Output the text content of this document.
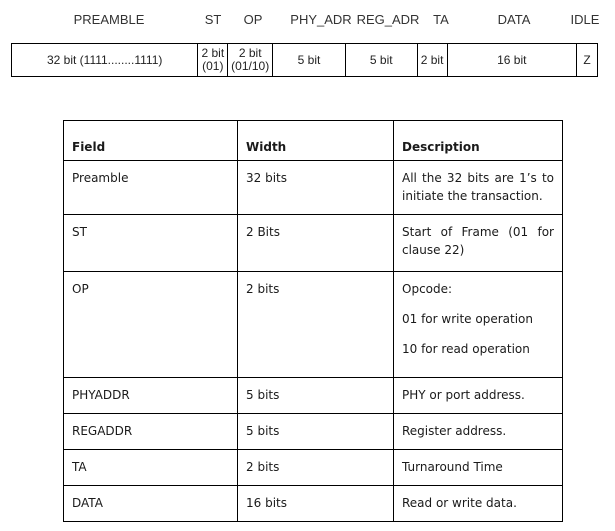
PREAMBLE	ST OP PHY_ADR REG_ADR TA	DATA	IDLE
32 bit (1111........1111)	2 bit
(01)
2 bit
(01/10)	5 bit	5 bit	2 bit	16 bit	Z
Field	Width	Description
Preamble	32 bits	All the 32 bits are 1’s to initiate the transaction.

ST	2 Bits	Start of Frame (01 for clause 22)

OP	2 bits	Opcode:
01 for write operation
10 for read operation

PHYADDR	5 bits	PHY or port address.

REGADDR	5 bits	Register address.

TA	2 bits	Turnaround Time

DATA	16 bits	Read or write data.
